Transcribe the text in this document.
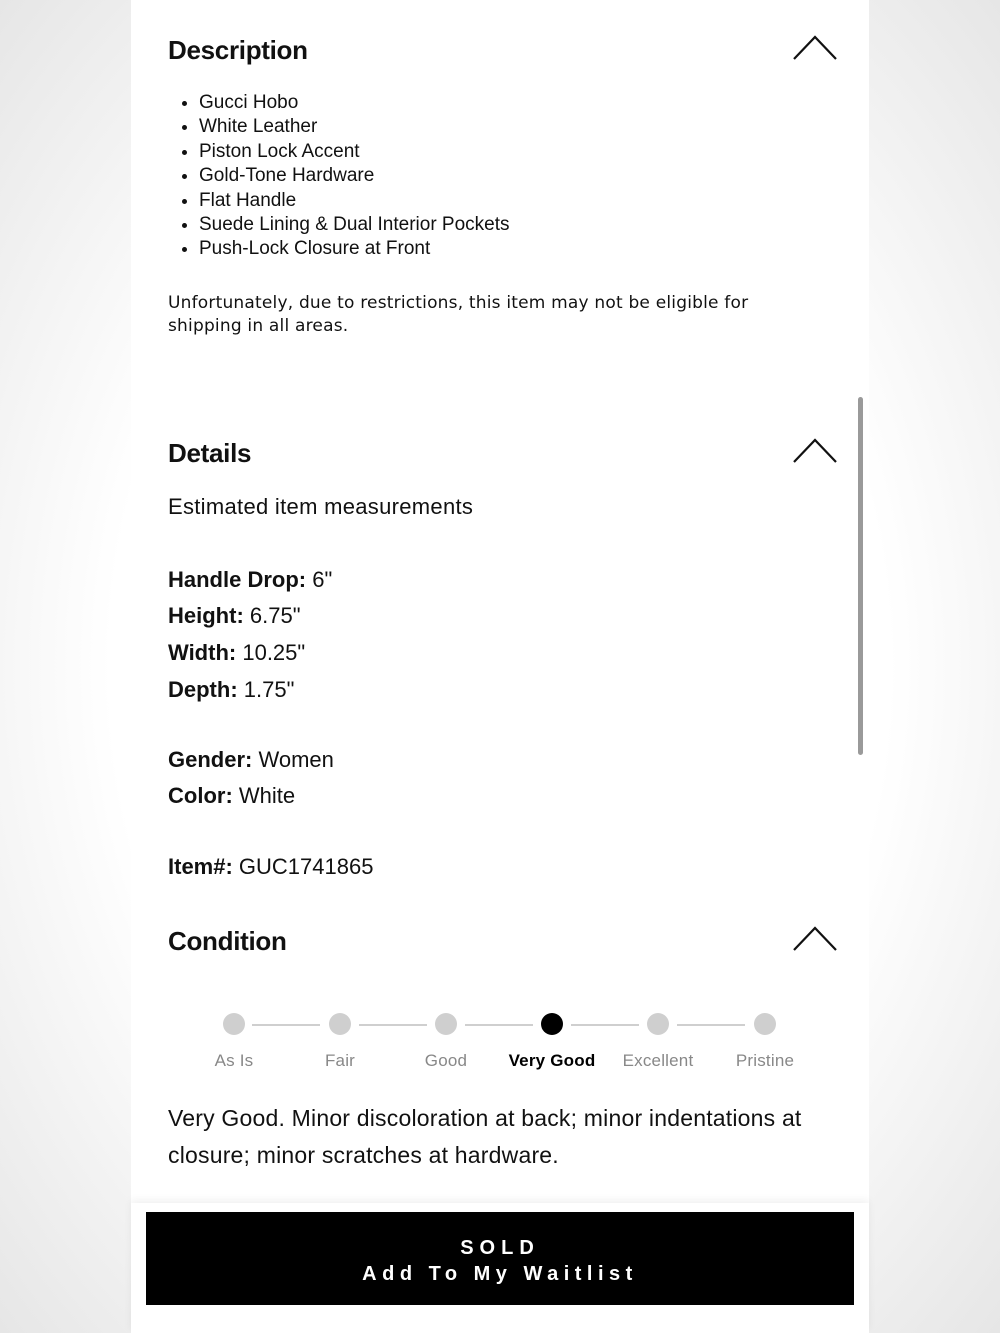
Description
• Gucci Hobo
• White Leather
• Piston Lock Accent
• Gold-Tone Hardware
• Flat Handle
• Suede Lining & Dual Interior Pockets
• Push-Lock Closure at Front
Unfortunately, due to restrictions, this item may not be eligible for shipping in all areas.
Details
Estimated item measurements
Handle Drop: 6"
Height: 6.75"
Width: 10.25"
Depth: 1.75"
Gender: Women
Color: White
Item#: GUC1741865
Condition
As Is	Fair	Good	Very Good	Excellent	Pristine
Very Good. Minor discoloration at back; minor indentations at closure; minor scratches at hardware.
SOLD
Add To My Waitlist
